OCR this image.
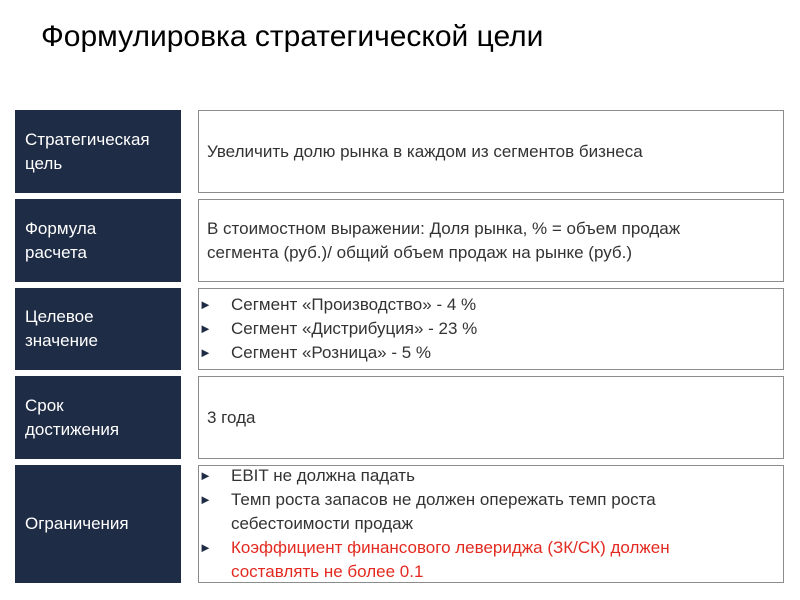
Формулировка стратегической цели
Стратегическая
цель
Увеличить долю рынка в каждом из сегментов бизнеса
Формула
расчета
В стоимостном выражении: Доля рынка, % = объем продаж
сегмента (руб.)/ общий объем продаж на рынке (руб.)
Целевое
значение
► Сегмент «Производство» - 4 %
► Сегмент «Дистрибуция» - 23 %
► Сегмент «Розница» - 5 %
Срок
достижения
3 года
Ограничения
► EBIT не должна падать
► Темп роста запасов не должен опережать темп роста
себестоимости продаж
► Коэффициент финансового левериджа (ЗК/СК) должен
составлять не более 0.1
